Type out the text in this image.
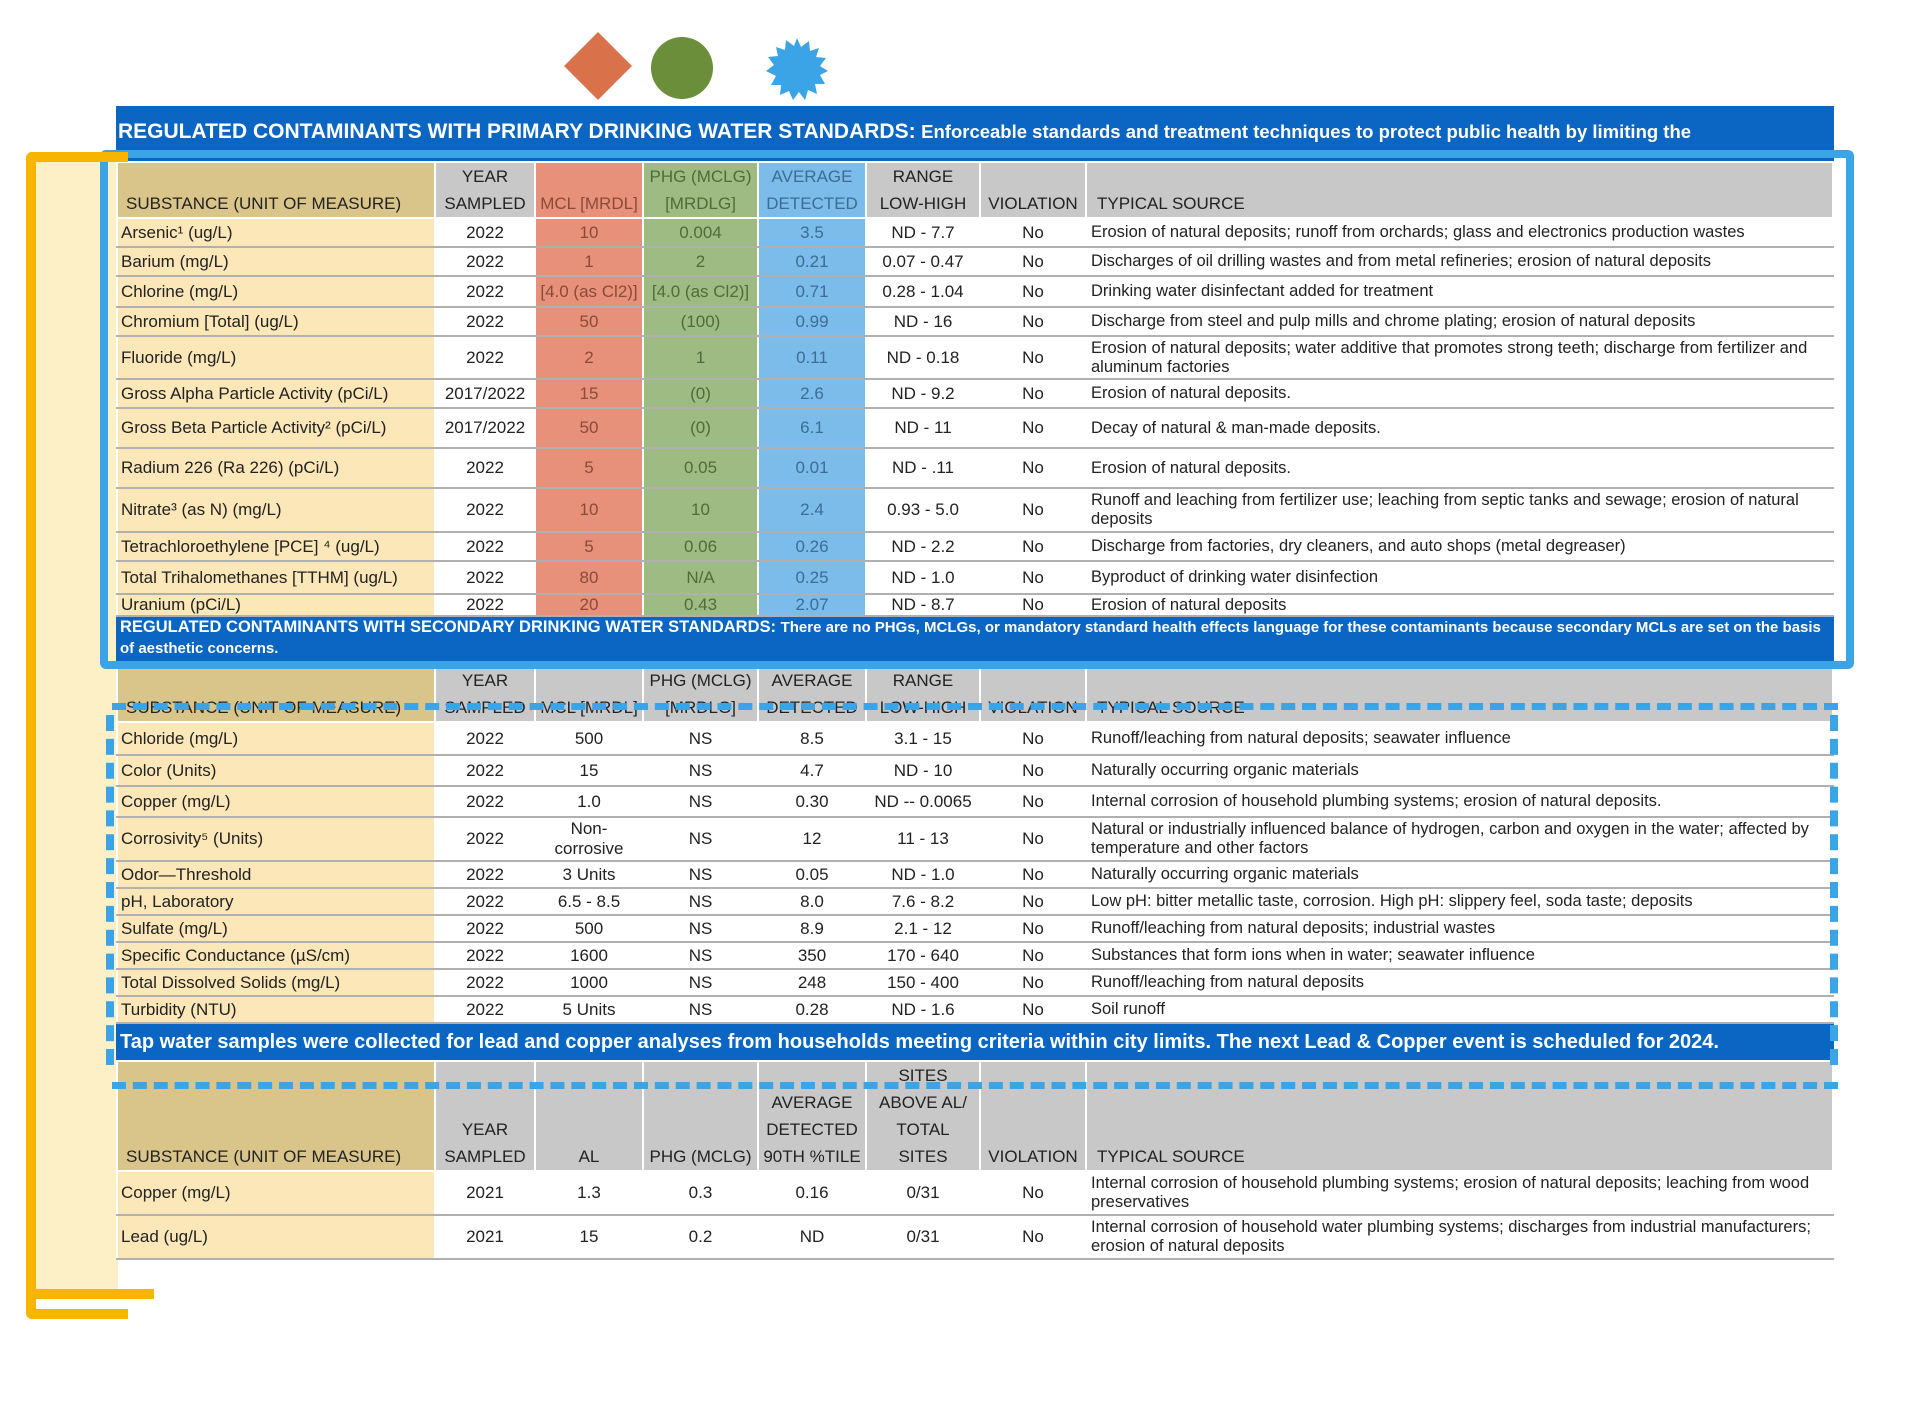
REGULATED CONTAMINANTS WITH PRIMARY DRINKING WATER STANDARDS: Enforceable standards and treatment techniques to protect public health by limiting the
SUBSTANCE (UNIT OF MEASURE)	YEAR SAMPLED	MCL [MRDL]	PHG (MCLG) [MRDLG]	AVERAGE DETECTED	RANGE LOW-HIGH	VIOLATION	TYPICAL SOURCE
Arsenic¹ (ug/L)	2022	10	0.004	3.5	ND - 7.7	No	Erosion of natural deposits; runoff from orchards; glass and electronics production wastes
Barium (mg/L)	2022	1	2	0.21	0.07 - 0.47	No	Discharges of oil drilling wastes and from metal refineries; erosion of natural deposits
Chlorine (mg/L)	2022	[4.0 (as Cl2)]	[4.0 (as Cl2)]	0.71	0.28 - 1.04	No	Drinking water disinfectant added for treatment
Chromium [Total] (ug/L)	2022	50	(100)	0.99	ND - 16	No	Discharge from steel and pulp mills and chrome plating; erosion of natural deposits
Fluoride (mg/L)	2022	2	1	0.11	ND - 0.18	No	Erosion of natural deposits; water additive that promotes strong teeth; discharge from fertilizer and aluminum factories
Gross Alpha Particle Activity (pCi/L)	2017/2022	15	(0)	2.6	ND - 9.2	No	Erosion of natural deposits.
Gross Beta Particle Activity² (pCi/L)	2017/2022	50	(0)	6.1	ND - 11	No	Decay of natural & man-made deposits.
Radium 226 (Ra 226) (pCi/L)	2022	5	0.05	0.01	ND - .11	No	Erosion of natural deposits.
Nitrate³ (as N) (mg/L)	2022	10	10	2.4	0.93 - 5.0	No	Runoff and leaching from fertilizer use; leaching from septic tanks and sewage; erosion of natural deposits
Tetrachloroethylene [PCE] ⁴ (ug/L)	2022	5	0.06	0.26	ND - 2.2	No	Discharge from factories, dry cleaners, and auto shops (metal degreaser)
Total Trihalomethanes [TTHM] (ug/L)	2022	80	N/A	0.25	ND - 1.0	No	Byproduct of drinking water disinfection
Uranium (pCi/L)	2022	20	0.43	2.07	ND - 8.7	No	Erosion of natural deposits
REGULATED CONTAMINANTS WITH SECONDARY DRINKING WATER STANDARDS: There are no PHGs, MCLGs, or mandatory standard health effects language for these contaminants because secondary MCLs are set on the basis of aesthetic concerns.
SUBSTANCE (UNIT OF MEASURE)	YEAR SAMPLED	MCL [MRDL]	PHG (MCLG) [MRDLG]	AVERAGE DETECTED	RANGE LOW-HIGH	VIOLATION	TYPICAL SOURCE
Chloride (mg/L)	2022	500	NS	8.5	3.1 - 15	No	Runoff/leaching from natural deposits; seawater influence
Color (Units)	2022	15	NS	4.7	ND - 10	No	Naturally occurring organic materials
Copper (mg/L)	2022	1.0	NS	0.30	ND -- 0.0065	No	Internal corrosion of household plumbing systems; erosion of natural deposits.
Corrosivity⁵ (Units)	2022	Non-corrosive	NS	12	11 - 13	No	Natural or industrially influenced balance of hydrogen, carbon and oxygen in the water; affected by temperature and other factors
Odor—Threshold	2022	3 Units	NS	0.05	ND - 1.0	No	Naturally occurring organic materials
pH, Laboratory	2022	6.5 - 8.5	NS	8.0	7.6 - 8.2	No	Low pH: bitter metallic taste, corrosion. High pH: slippery feel, soda taste; deposits
Sulfate (mg/L)	2022	500	NS	8.9	2.1 - 12	No	Runoff/leaching from natural deposits; industrial wastes
Specific Conductance (µS/cm)	2022	1600	NS	350	170 - 640	No	Substances that form ions when in water; seawater influence
Total Dissolved Solids (mg/L)	2022	1000	NS	248	150 - 400	No	Runoff/leaching from natural deposits
Turbidity (NTU)	2022	5 Units	NS	0.28	ND - 1.6	No	Soil runoff
Tap water samples were collected for lead and copper analyses from households meeting criteria within city limits. The next Lead & Copper event is scheduled for 2024.
SUBSTANCE (UNIT OF MEASURE)	YEAR SAMPLED	AL	PHG (MCLG)	AVERAGE DETECTED 90TH %TILE	SITES ABOVE AL/ TOTAL SITES	VIOLATION	TYPICAL SOURCE
Copper (mg/L)	2021	1.3	0.3	0.16	0/31	No	Internal corrosion of household plumbing systems; erosion of natural deposits; leaching from wood preservatives
Lead (ug/L)	2021	15	0.2	ND	0/31	No	Internal corrosion of household water plumbing systems; discharges from industrial manufacturers; erosion of natural deposits
